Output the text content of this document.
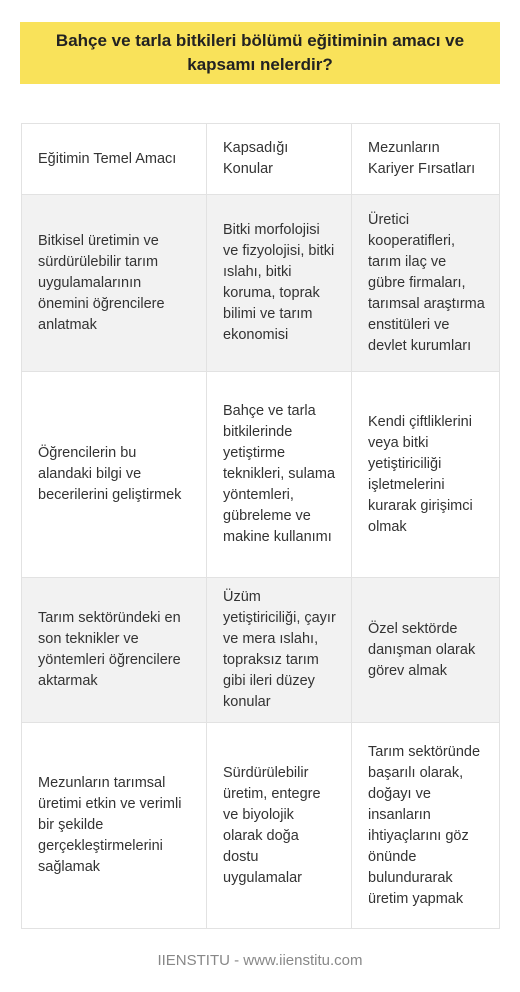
Bahçe ve tarla bitkileri bölümü eğitiminin amacı ve kapsamı nelerdir?
Eğitimin Temel Amacı	Kapsadığı Konular	Mezunların Kariyer Fırsatları
Bitkisel üretimin ve sürdürülebilir tarım uygulamalarının önemini öğrencilere anlatmak	Bitki morfolojisi ve fizyolojisi, bitki ıslahı, bitki koruma, toprak bilimi ve tarım ekonomisi	Üretici kooperatifleri, tarım ilaç ve gübre firmaları, tarımsal araştırma enstitüleri ve devlet kurumları
Öğrencilerin bu alandaki bilgi ve becerilerini geliştirmek	Bahçe ve tarla bitkilerinde yetiştirme teknikleri, sulama yöntemleri, gübreleme ve makine kullanımı	Kendi çiftliklerini veya bitki yetiştiriciliği işletmelerini kurarak girişimci olmak
Tarım sektöründeki en son teknikler ve yöntemleri öğrencilere aktarmak	Üzüm yetiştiriciliği, çayır ve mera ıslahı, topraksız tarım gibi ileri düzey konular	Özel sektörde danışman olarak görev almak
Mezunların tarımsal üretimi etkin ve verimli bir şekilde gerçekleştirmelerini sağlamak	Sürdürülebilir üretim, entegre ve biyolojik olarak doğa dostu uygulamalar	Tarım sektöründe başarılı olarak, doğayı ve insanların ihtiyaçlarını göz önünde bulundurarak üretim yapmak
IIENSTITU - www.iienstitu.com
